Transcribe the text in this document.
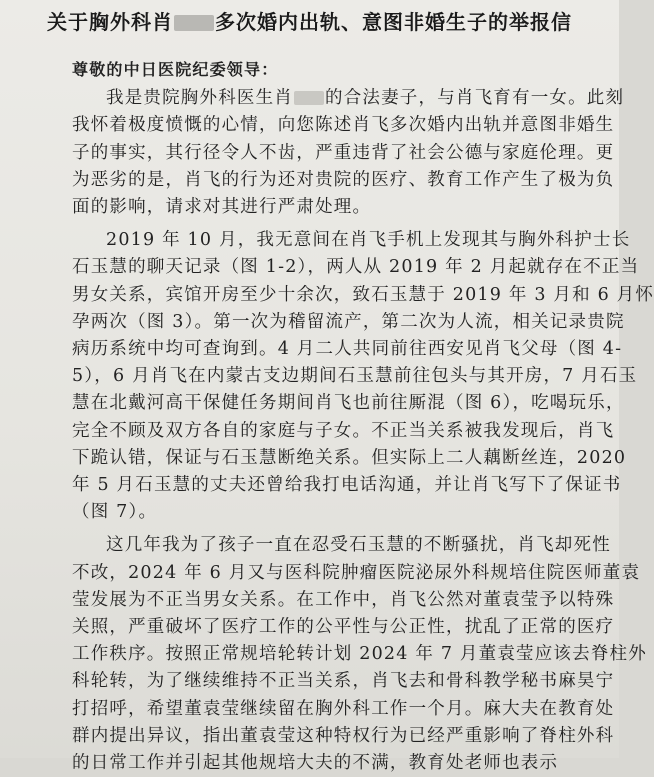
关于胸外科肖 多次婚内出轨、意图非婚生子的举报信
尊敬的中日医院纪委领导：
我是贵院胸外科医生肖 的合法妻子，与肖飞育有一女。此刻
我怀着极度愤慨的心情，向您陈述肖飞多次婚内出轨并意图非婚生
子的事实，其行径令人不齿，严重违背了社会公德与家庭伦理。更
为恶劣的是，肖飞的行为还对贵院的医疗、教育工作产生了极为负
面的影响，请求对其进行严肃处理。
2019 年 10 月，我无意间在肖飞手机上发现其与胸外科护士长
石玉慧的聊天记录（图 1-2），两人从 2019 年 2 月起就存在不正当
男女关系，宾馆开房至少十余次，致石玉慧于 2019 年 3 月和 6 月怀
孕两次（图 3）。第一次为稽留流产，第二次为人流，相关记录贵院
病历系统中均可查询到。4 月二人共同前往西安见肖飞父母（图 4-
5），6 月肖飞在内蒙古支边期间石玉慧前往包头与其开房，7 月石玉
慧在北戴河高干保健任务期间肖飞也前往厮混（图 6），吃喝玩乐，
完全不顾及双方各自的家庭与子女。不正当关系被我发现后，肖飞
下跪认错，保证与石玉慧断绝关系。但实际上二人藕断丝连，2020
年 5 月石玉慧的丈夫还曾给我打电话沟通，并让肖飞写下了保证书
（图 7）。
这几年我为了孩子一直在忍受石玉慧的不断骚扰，肖飞却死性
不改，2024 年 6 月又与医科院肿瘤医院泌尿外科规培住院医师董袁
莹发展为不正当男女关系。在工作中，肖飞公然对董袁莹予以特殊
关照，严重破坏了医疗工作的公平性与公正性，扰乱了正常的医疗
工作秩序。按照正常规培轮转计划 2024 年 7 月董袁莹应该去脊柱外
科轮转，为了继续维持不正当关系，肖飞去和骨科教学秘书麻昊宁
打招呼，希望董袁莹继续留在胸外科工作一个月。麻大夫在教育处
群内提出异议，指出董袁莹这种特权行为已经严重影响了脊柱外科
的日常工作并引起其他规培大夫的不满，教育处老师也表示
